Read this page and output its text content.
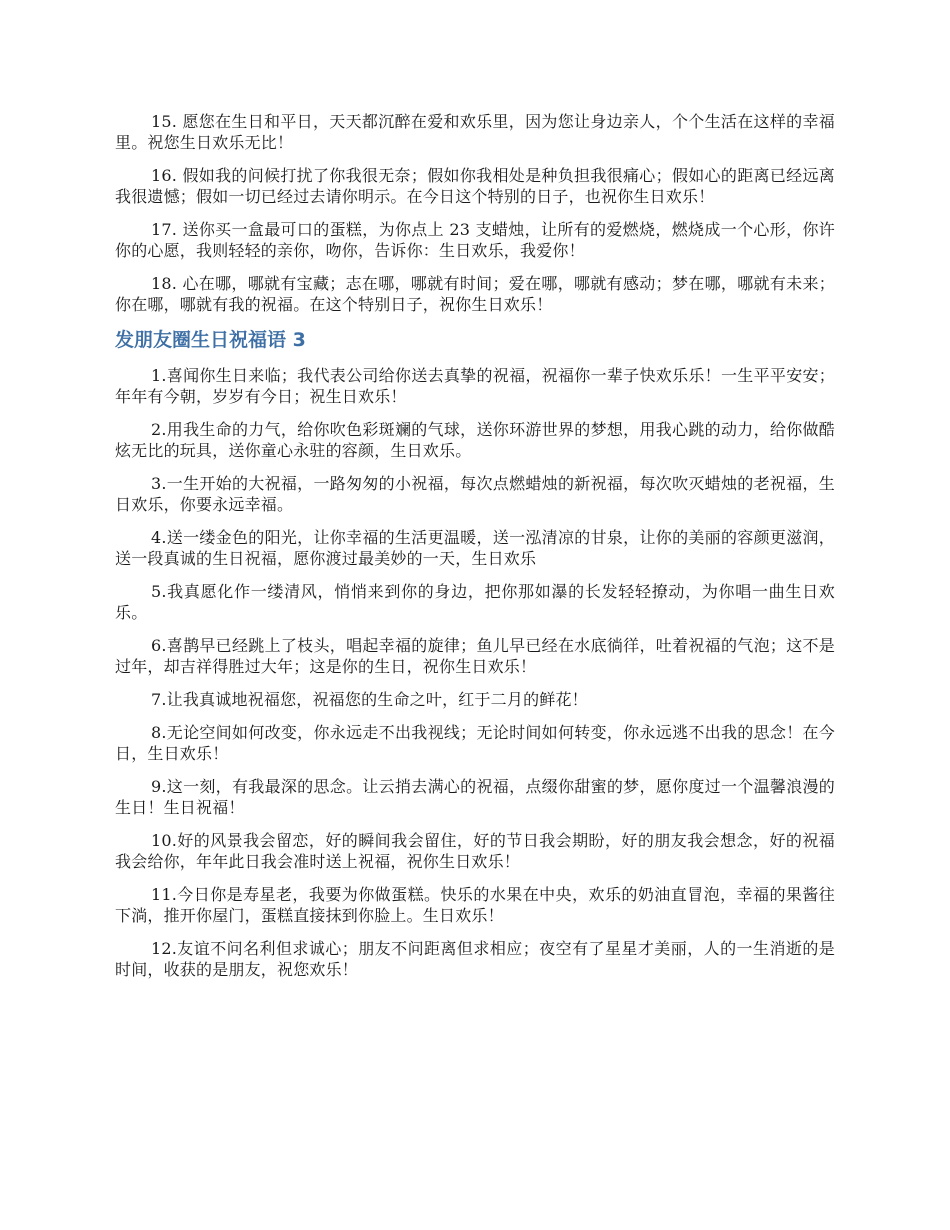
15. 愿您在生日和平日，天天都沉醉在爱和欢乐里，因为您让身边亲人，个个生活在这样的幸福里。祝您生日欢乐无比！

16. 假如我的问候打扰了你我很无奈；假如你我相处是种负担我很痛心；假如心的距离已经远离我很遗憾；假如一切已经过去请你明示。在今日这个特别的日子，也祝你生日欢乐！

17. 送你买一盒最可口的蛋糕，为你点上 23 支蜡烛，让所有的爱燃烧，燃烧成一个心形，你许你的心愿，我则轻轻的亲你，吻你，告诉你：生日欢乐，我爱你！

18. 心在哪，哪就有宝藏；志在哪，哪就有时间；爱在哪，哪就有感动；梦在哪，哪就有未来；你在哪，哪就有我的祝福。在这个特别日子，祝你生日欢乐！

发朋友圈生日祝福语 3

1.喜闻你生日来临；我代表公司给你送去真挚的祝福，祝福你一辈子快欢乐乐！一生平平安安；年年有今朝，岁岁有今日；祝生日欢乐！

2.用我生命的力气，给你吹色彩斑斓的气球，送你环游世界的梦想，用我心跳的动力，给你做酷炫无比的玩具，送你童心永驻的容颜，生日欢乐。

3.一生开始的大祝福，一路匆匆的小祝福，每次点燃蜡烛的新祝福，每次吹灭蜡烛的老祝福，生日欢乐，你要永远幸福。

4.送一缕金色的阳光，让你幸福的生活更温暖，送一泓清凉的甘泉，让你的美丽的容颜更滋润，送一段真诚的生日祝福，愿你渡过最美妙的一天，生日欢乐

5.我真愿化作一缕清风，悄悄来到你的身边，把你那如瀑的长发轻轻撩动，为你唱一曲生日欢乐。

6.喜鹊早已经跳上了枝头，唱起幸福的旋律；鱼儿早已经在水底徜徉，吐着祝福的气泡；这不是过年，却吉祥得胜过大年；这是你的生日，祝你生日欢乐！

7.让我真诚地祝福您，祝福您的生命之叶，红于二月的鲜花！

8.无论空间如何改变，你永远走不出我视线；无论时间如何转变，你永远逃不出我的思念！在今日，生日欢乐！

9.这一刻，有我最深的思念。让云捎去满心的祝福，点缀你甜蜜的梦，愿你度过一个温馨浪漫的生日！生日祝福！

10.好的风景我会留恋，好的瞬间我会留住，好的节日我会期盼，好的朋友我会想念，好的祝福我会给你，年年此日我会准时送上祝福，祝你生日欢乐！

11.今日你是寿星老，我要为你做蛋糕。快乐的水果在中央，欢乐的奶油直冒泡，幸福的果酱往下淌，推开你屋门，蛋糕直接抹到你脸上。生日欢乐！

12.友谊不问名利但求诚心；朋友不问距离但求相应；夜空有了星星才美丽，人的一生消逝的是时间，收获的是朋友，祝您欢乐！
